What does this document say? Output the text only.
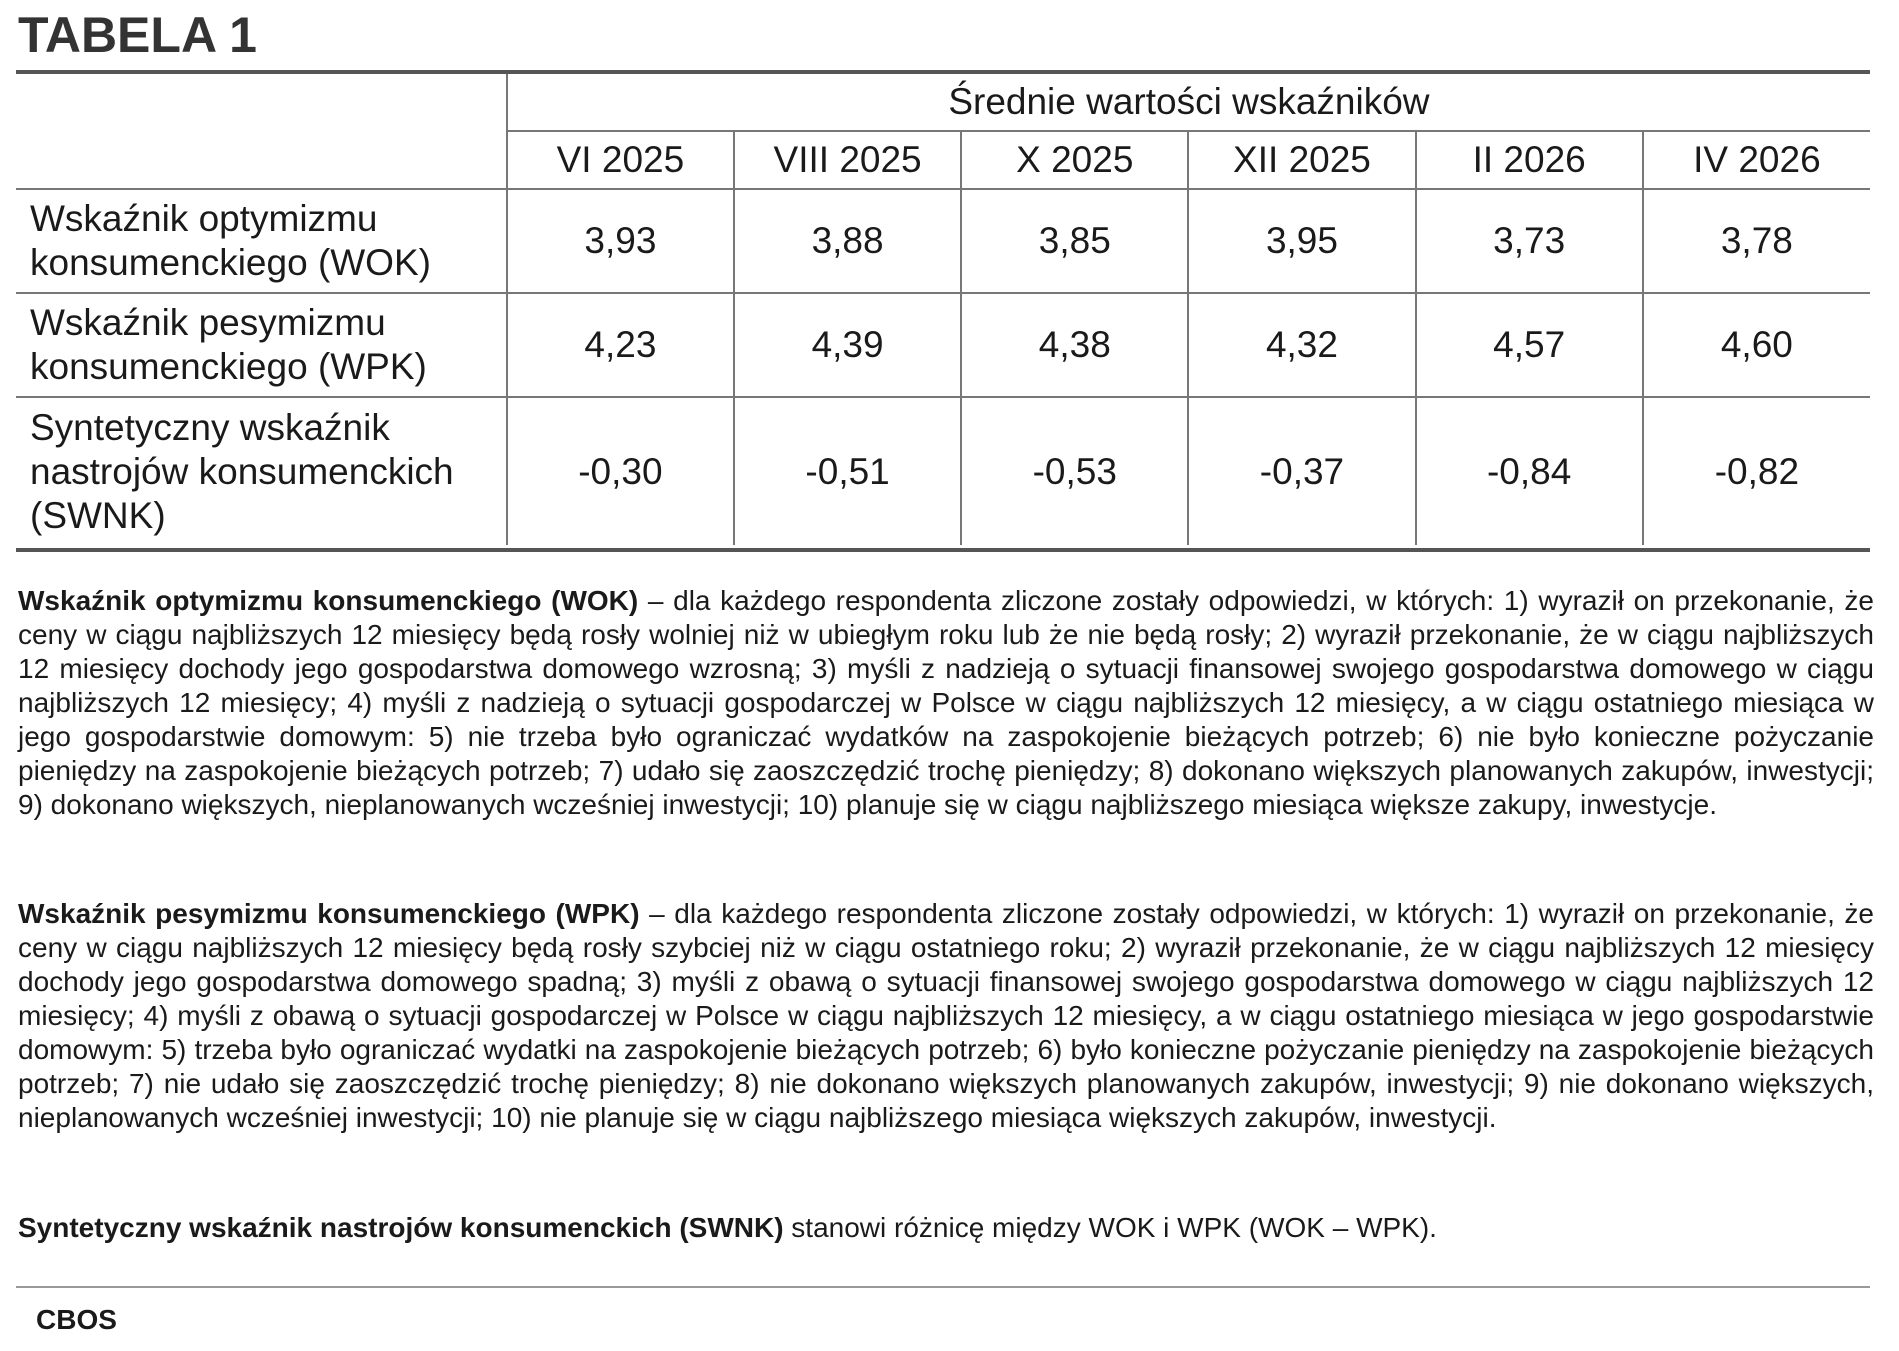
TABELA 1
	Średnie wartości wskaźników					
	VI 2025	VIII 2025	X 2025	XII 2025	II 2026	IV 2026
Wskaźnik optymizmu
konsumenckiego (WOK)	3,93	3,88	3,85	3,95	3,73	3,78
Wskaźnik pesymizmu
konsumenckiego (WPK)	4,23	4,39	4,38	4,32	4,57	4,60
Syntetyczny wskaźnik
nastrojów konsumenckich
(SWNK)	-0,30	-0,51	-0,53	-0,37	-0,84	-0,82
Wskaźnik optymizmu konsumenckiego (WOK) – dla każdego respondenta zliczone zostały odpowiedzi, w których: 1) wyraził on przekonanie, że ceny w ciągu najbliższych 12 miesięcy będą rosły wolniej niż w ubiegłym roku lub że nie będą rosły; 2) wyraził przekonanie, że w ciągu najbliższych 12 miesięcy dochody jego gospodarstwa domowego wzrosną; 3) myśli z nadzieją o sytuacji finansowej swojego gospodarstwa domowego w ciągu najbliższych 12 miesięcy; 4) myśli z nadzieją o sytuacji gospodarczej w Polsce w ciągu najbliższych 12 miesięcy, a w ciągu ostatniego miesiąca w jego gospodarstwie domowym: 5) nie trzeba było ograniczać wydatków na zaspokojenie bieżących potrzeb; 6) nie było konieczne pożyczanie pieniędzy na zaspokojenie bieżących potrzeb; 7) udało się zaoszczędzić trochę pieniędzy; 8) dokonano większych planowanych zakupów, inwestycji; 9) dokonano większych, nieplanowanych wcześniej inwestycji; 10) planuje się w ciągu najbliższego miesiąca większe zakupy, inwestycje.
Wskaźnik pesymizmu konsumenckiego (WPK) – dla każdego respondenta zliczone zostały odpowiedzi, w których: 1) wyraził on przekonanie, że ceny w ciągu najbliższych 12 miesięcy będą rosły szybciej niż w ciągu ostatniego roku; 2) wyraził przekonanie, że w ciągu najbliższych 12 miesięcy dochody jego gospodarstwa domowego spadną; 3) myśli z obawą o sytuacji finansowej swojego gospodarstwa domowego w ciągu najbliższych 12 miesięcy; 4) myśli z obawą o sytuacji gospodarczej w Polsce w ciągu najbliższych 12 miesięcy, a w ciągu ostatniego miesiąca w jego gospodarstwie domowym: 5) trzeba było ograniczać wydatki na zaspokojenie bieżących potrzeb; 6) było konieczne pożyczanie pieniędzy na zaspokojenie bieżących potrzeb; 7) nie udało się zaoszczędzić trochę pieniędzy; 8) nie dokonano większych planowanych zakupów, inwestycji; 9) nie dokonano większych, nieplanowanych wcześniej inwestycji; 10) nie planuje się w ciągu najbliższego miesiąca większych zakupów, inwestycji.
Syntetyczny wskaźnik nastrojów konsumenckich (SWNK) stanowi różnicę między WOK i WPK (WOK – WPK).
CBOS
